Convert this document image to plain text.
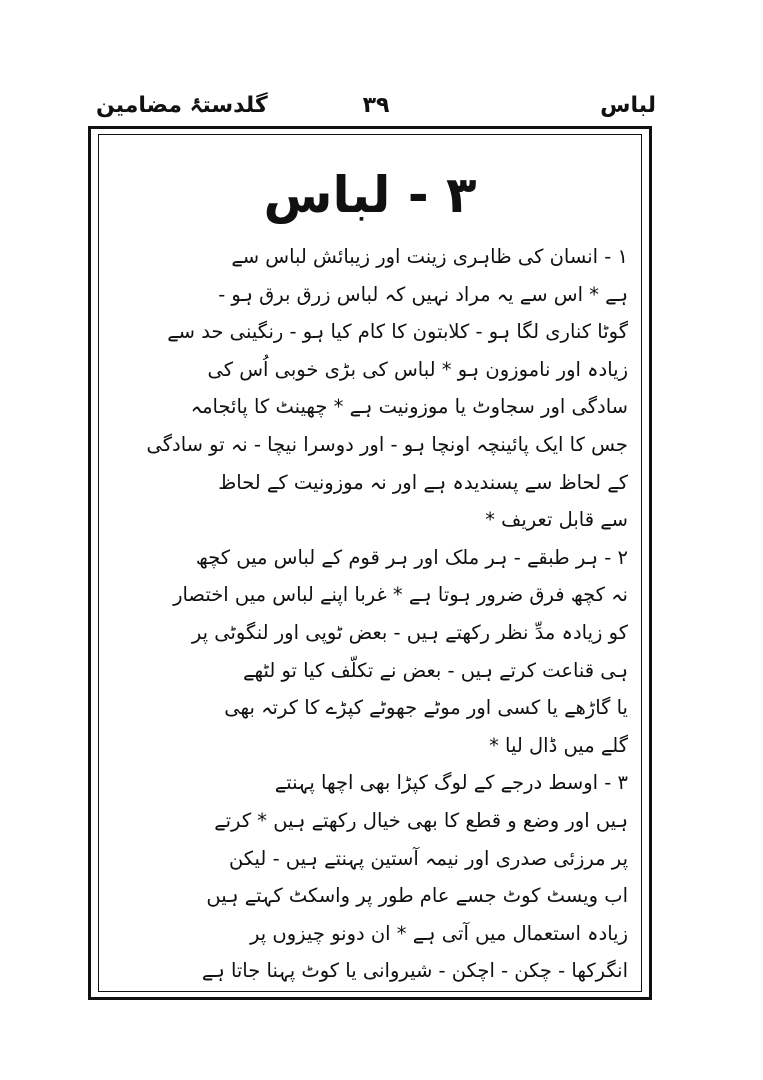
لباس
۳۹
گلدستۂ مضامین
۳ - لباس

۱ - انسان کی ظاہری زینت اور زیبائش لباس سے
ہے * اس سے یہ مراد نہیں کہ لباس زرق برق ہو -
گوٹا کناری لگا ہو - کلابتون کا کام کیا ہو - رنگینی حد سے
زیادہ اور ناموزون ہو * لباس کی بڑی خوبی اُس کی
سادگی اور سجاوٹ یا موزونیت ہے * چھینٹ کا پائجامہ
جس کا ایک پائینچہ اونچا ہو - اور دوسرا نیچا - نہ تو سادگی
کے لحاظ سے پسندیدہ ہے اور نہ موزونیت کے لحاظ
سے قابل تعریف *

۲ - ہر طبقے - ہر ملک اور ہر قوم کے لباس میں کچھ
نہ کچھ فرق ضرور ہوتا ہے * غربا اپنے لباس میں اختصار
کو زیادہ مدِّ نظر رکھتے ہیں - بعض ٹوپی اور لنگوٹی پر
ہی قناعت کرتے ہیں - بعض نے تکلّف کیا تو لٹھے
یا گاڑھے یا کسی اور موٹے جھوٹے کپڑے کا کرتہ بھی
گلے میں ڈال لیا *

۳ - اوسط درجے کے لوگ کپڑا بھی اچھا پہنتے
ہیں اور وضع و قطع کا بھی خیال رکھتے ہیں * کرتے
پر مرزئی صدری اور نیمہ آستین پہنتے ہیں - لیکن
اب ویسٹ کوٹ جسے عام طور پر واسکٹ کہتے ہیں
زیادہ استعمال میں آتی ہے * ان دونو چیزوں پر
انگرکھا - چکن - اچکن - شیروانی یا کوٹ پہنا جاتا ہے
